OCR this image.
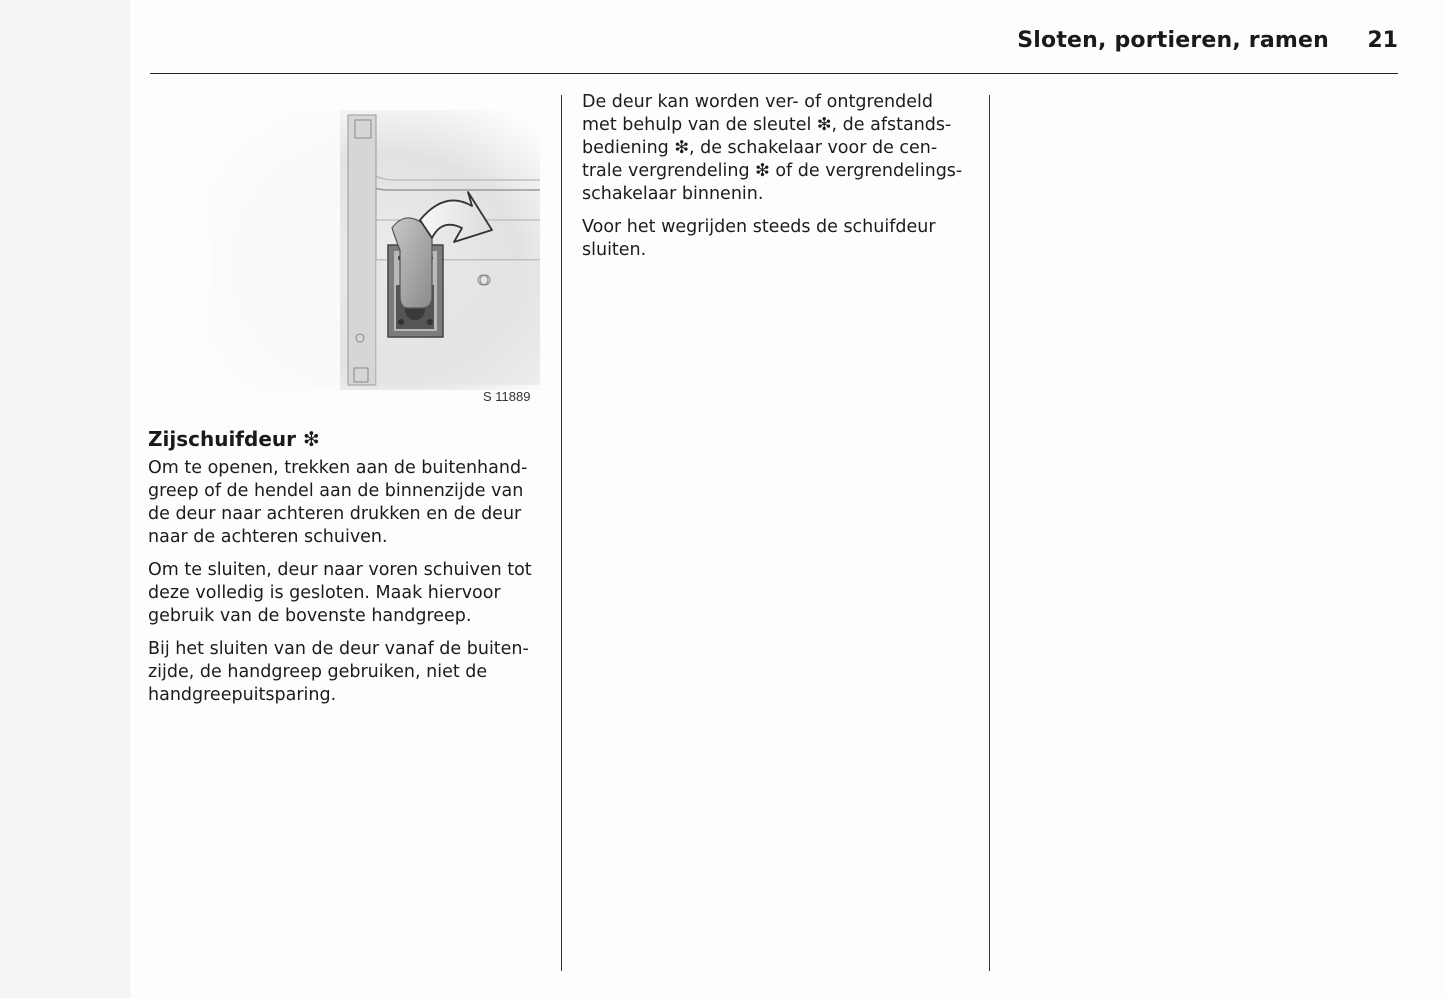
Sloten, portieren, ramen 21
S 11889
Zijschuifdeur ❇

Om te openen, trekken aan de buitenhand-
greep of de hendel aan de binnenzijde van
de deur naar achteren drukken en de deur
naar de achteren schuiven.

Om te sluiten, deur naar voren schuiven tot
deze volledig is gesloten. Maak hiervoor
gebruik van de bovenste handgreep.

Bij het sluiten van de deur vanaf de buiten-
zijde, de handgreep gebruiken, niet de
handgreepuitsparing.

De deur kan worden ver- of ontgrendeld
met behulp van de sleutel ❇, de afstands-
bediening ❇, de schakelaar voor de cen-
trale vergrendeling ❇ of de vergrendelings-
schakelaar binnenin.

Voor het wegrijden steeds de schuifdeur
sluiten.
